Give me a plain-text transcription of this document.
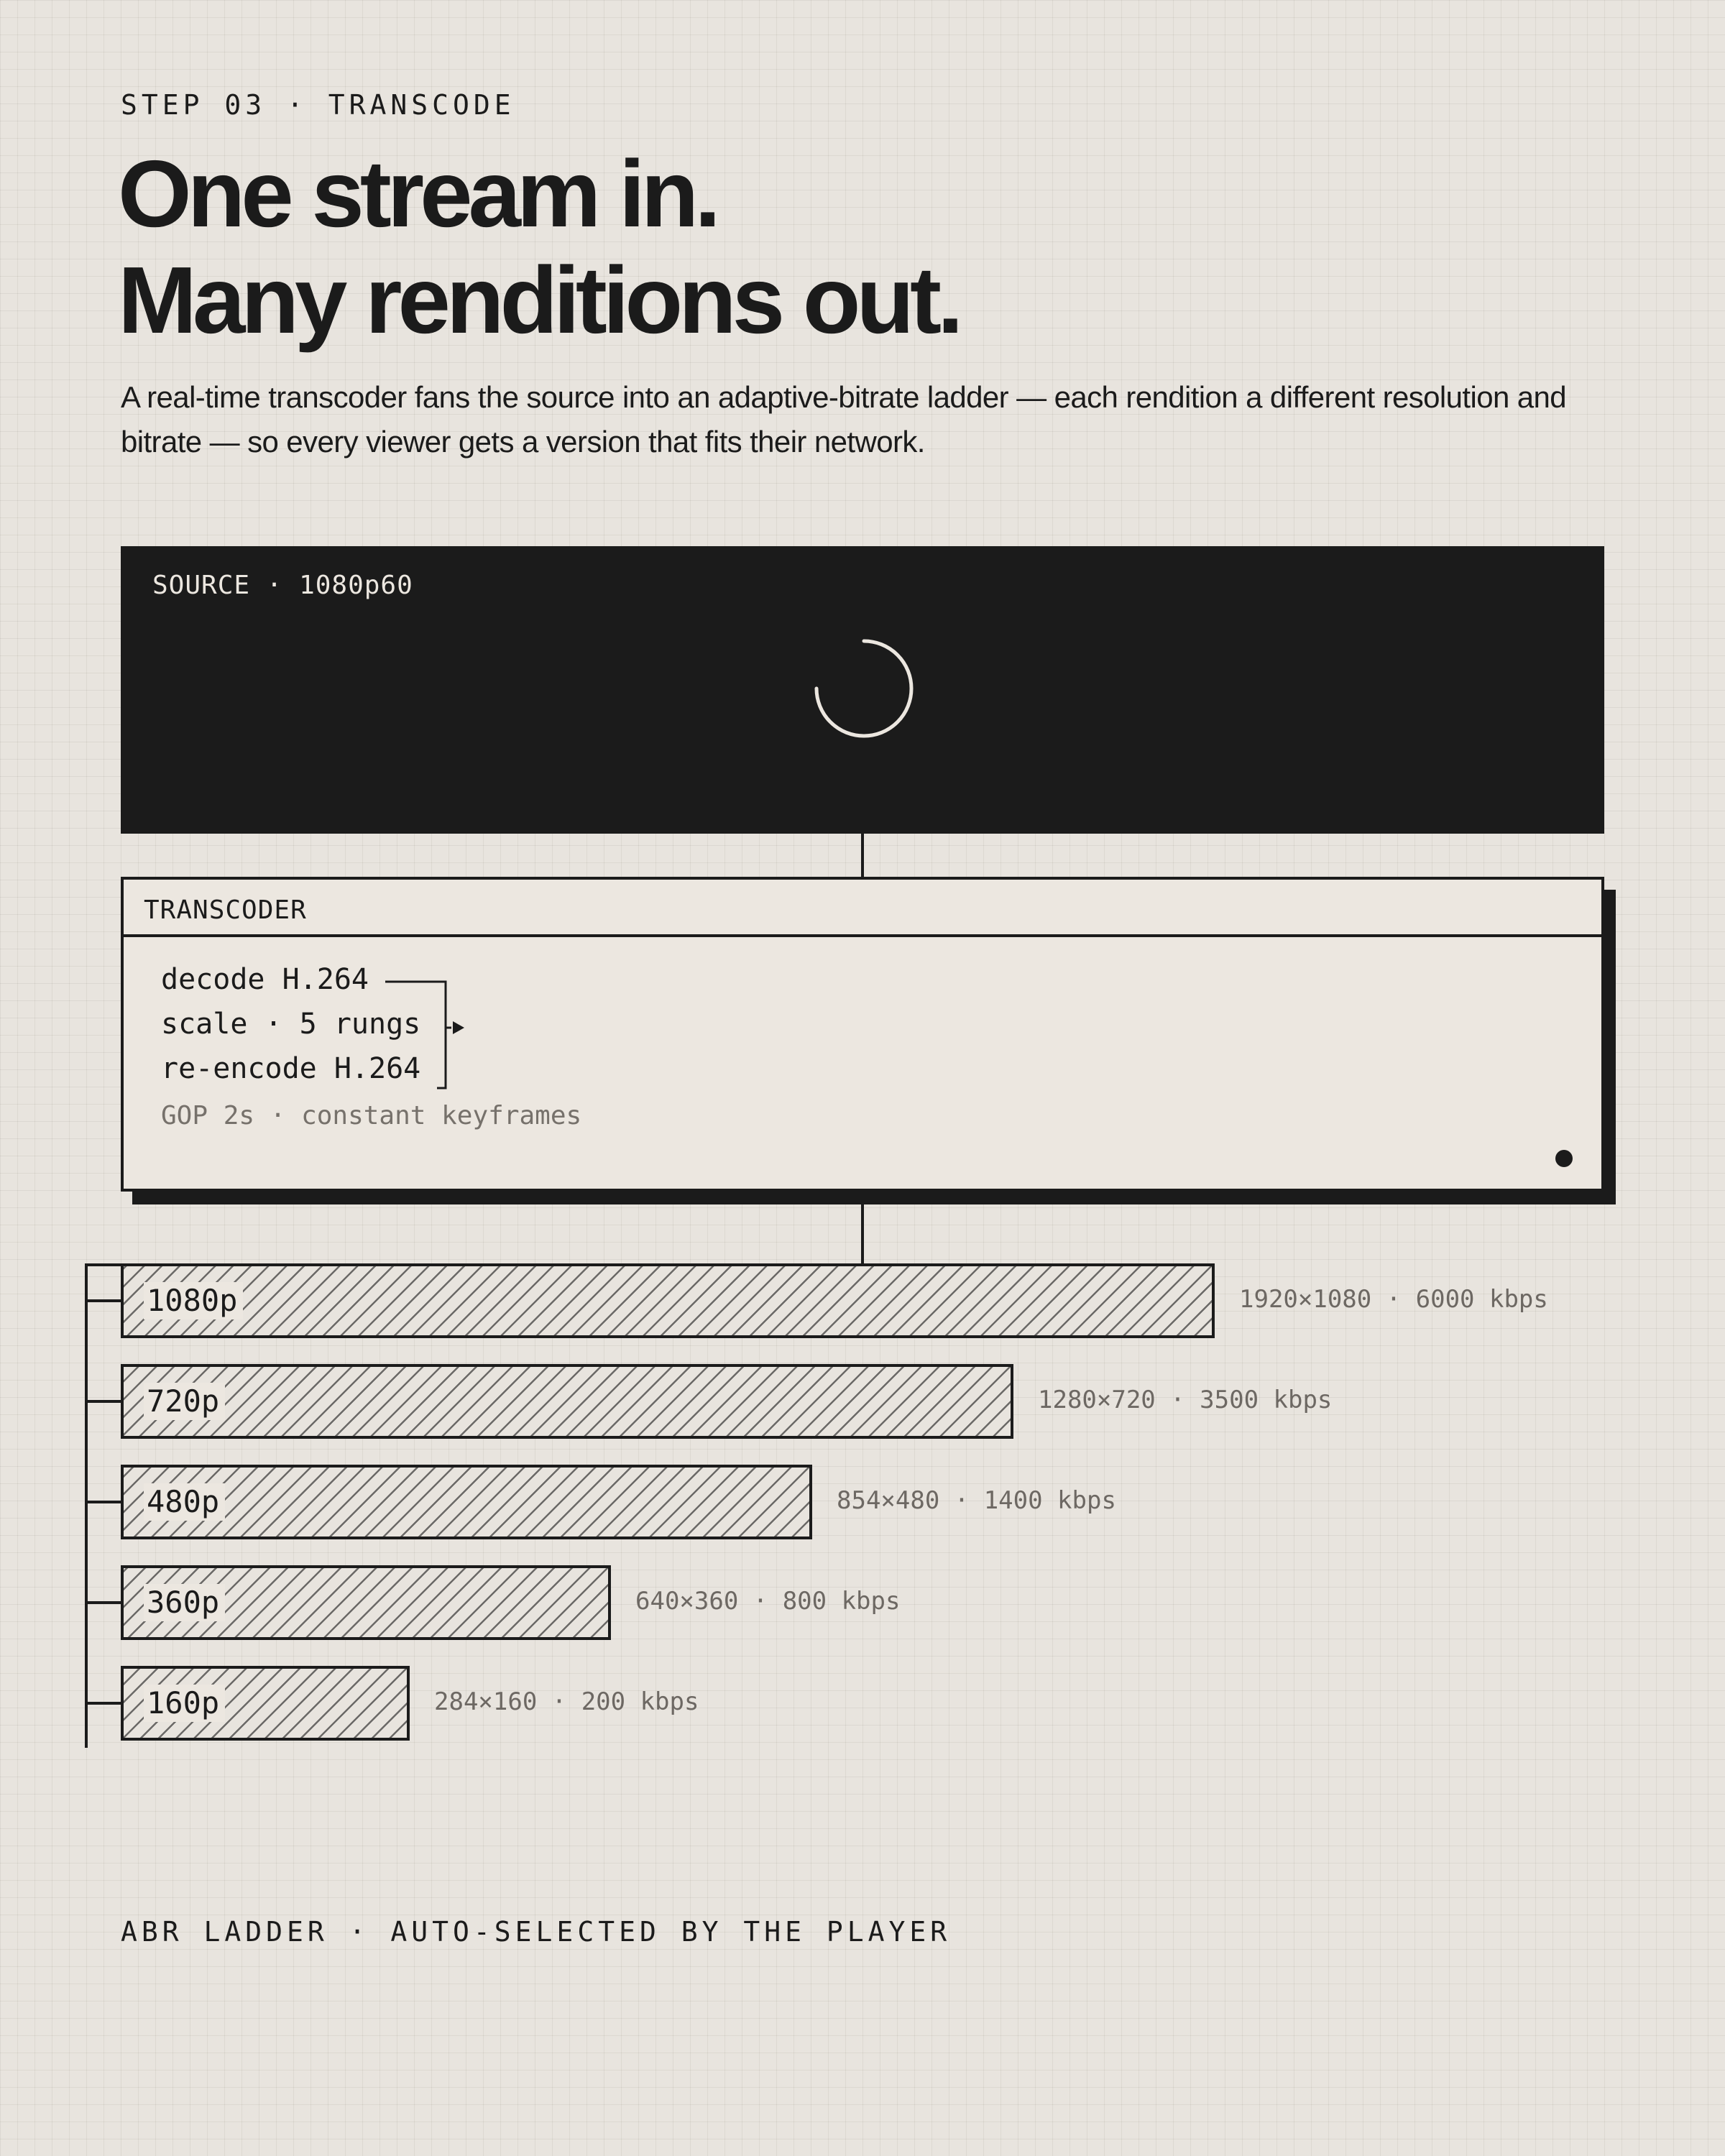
STEP 03 · TRANSCODE
One stream in.
Many renditions out.

A real-time transcoder fans the source into an adaptive-bitrate ladder — each rendition a different resolution and bitrate — so every viewer gets a version that fits their network.

SOURCE · 1080p60
TRANSCODER
decode H.264
scale · 5 rungs
re-encode H.264
GOP 2s · constant keyframes
1080p	1920×1080 · 6000 kbps
720p	1280×720 · 3500 kbps
480p	854×480 · 1400 kbps
360p	640×360 · 800 kbps
160p	284×160 · 200 kbps
ABR LADDER · AUTO-SELECTED BY THE PLAYER
